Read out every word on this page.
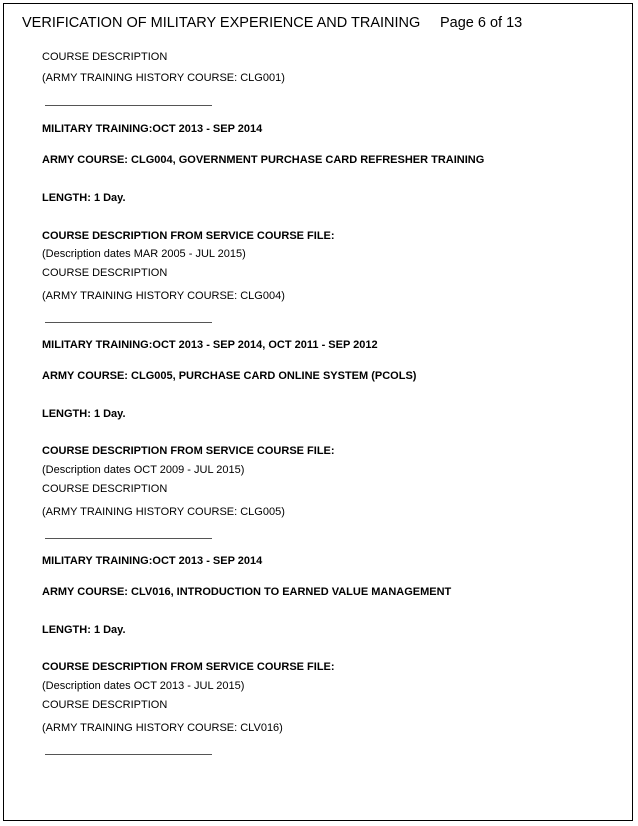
VERIFICATION OF MILITARY EXPERIENCE AND TRAINING Page 6 of 13
COURSE DESCRIPTION
(ARMY TRAINING HISTORY COURSE: CLG001)
MILITARY TRAINING:OCT 2013 - SEP 2014
ARMY COURSE: CLG004, GOVERNMENT PURCHASE CARD REFRESHER TRAINING
LENGTH: 1 Day.
COURSE DESCRIPTION FROM SERVICE COURSE FILE:
(Description dates MAR 2005 - JUL 2015)
COURSE DESCRIPTION
(ARMY TRAINING HISTORY COURSE: CLG004)
MILITARY TRAINING:OCT 2013 - SEP 2014, OCT 2011 - SEP 2012
ARMY COURSE: CLG005, PURCHASE CARD ONLINE SYSTEM (PCOLS)
LENGTH: 1 Day.
COURSE DESCRIPTION FROM SERVICE COURSE FILE:
(Description dates OCT 2009 - JUL 2015)
COURSE DESCRIPTION
(ARMY TRAINING HISTORY COURSE: CLG005)
MILITARY TRAINING:OCT 2013 - SEP 2014
ARMY COURSE: CLV016, INTRODUCTION TO EARNED VALUE MANAGEMENT
LENGTH: 1 Day.
COURSE DESCRIPTION FROM SERVICE COURSE FILE:
(Description dates OCT 2013 - JUL 2015)
COURSE DESCRIPTION
(ARMY TRAINING HISTORY COURSE: CLV016)
